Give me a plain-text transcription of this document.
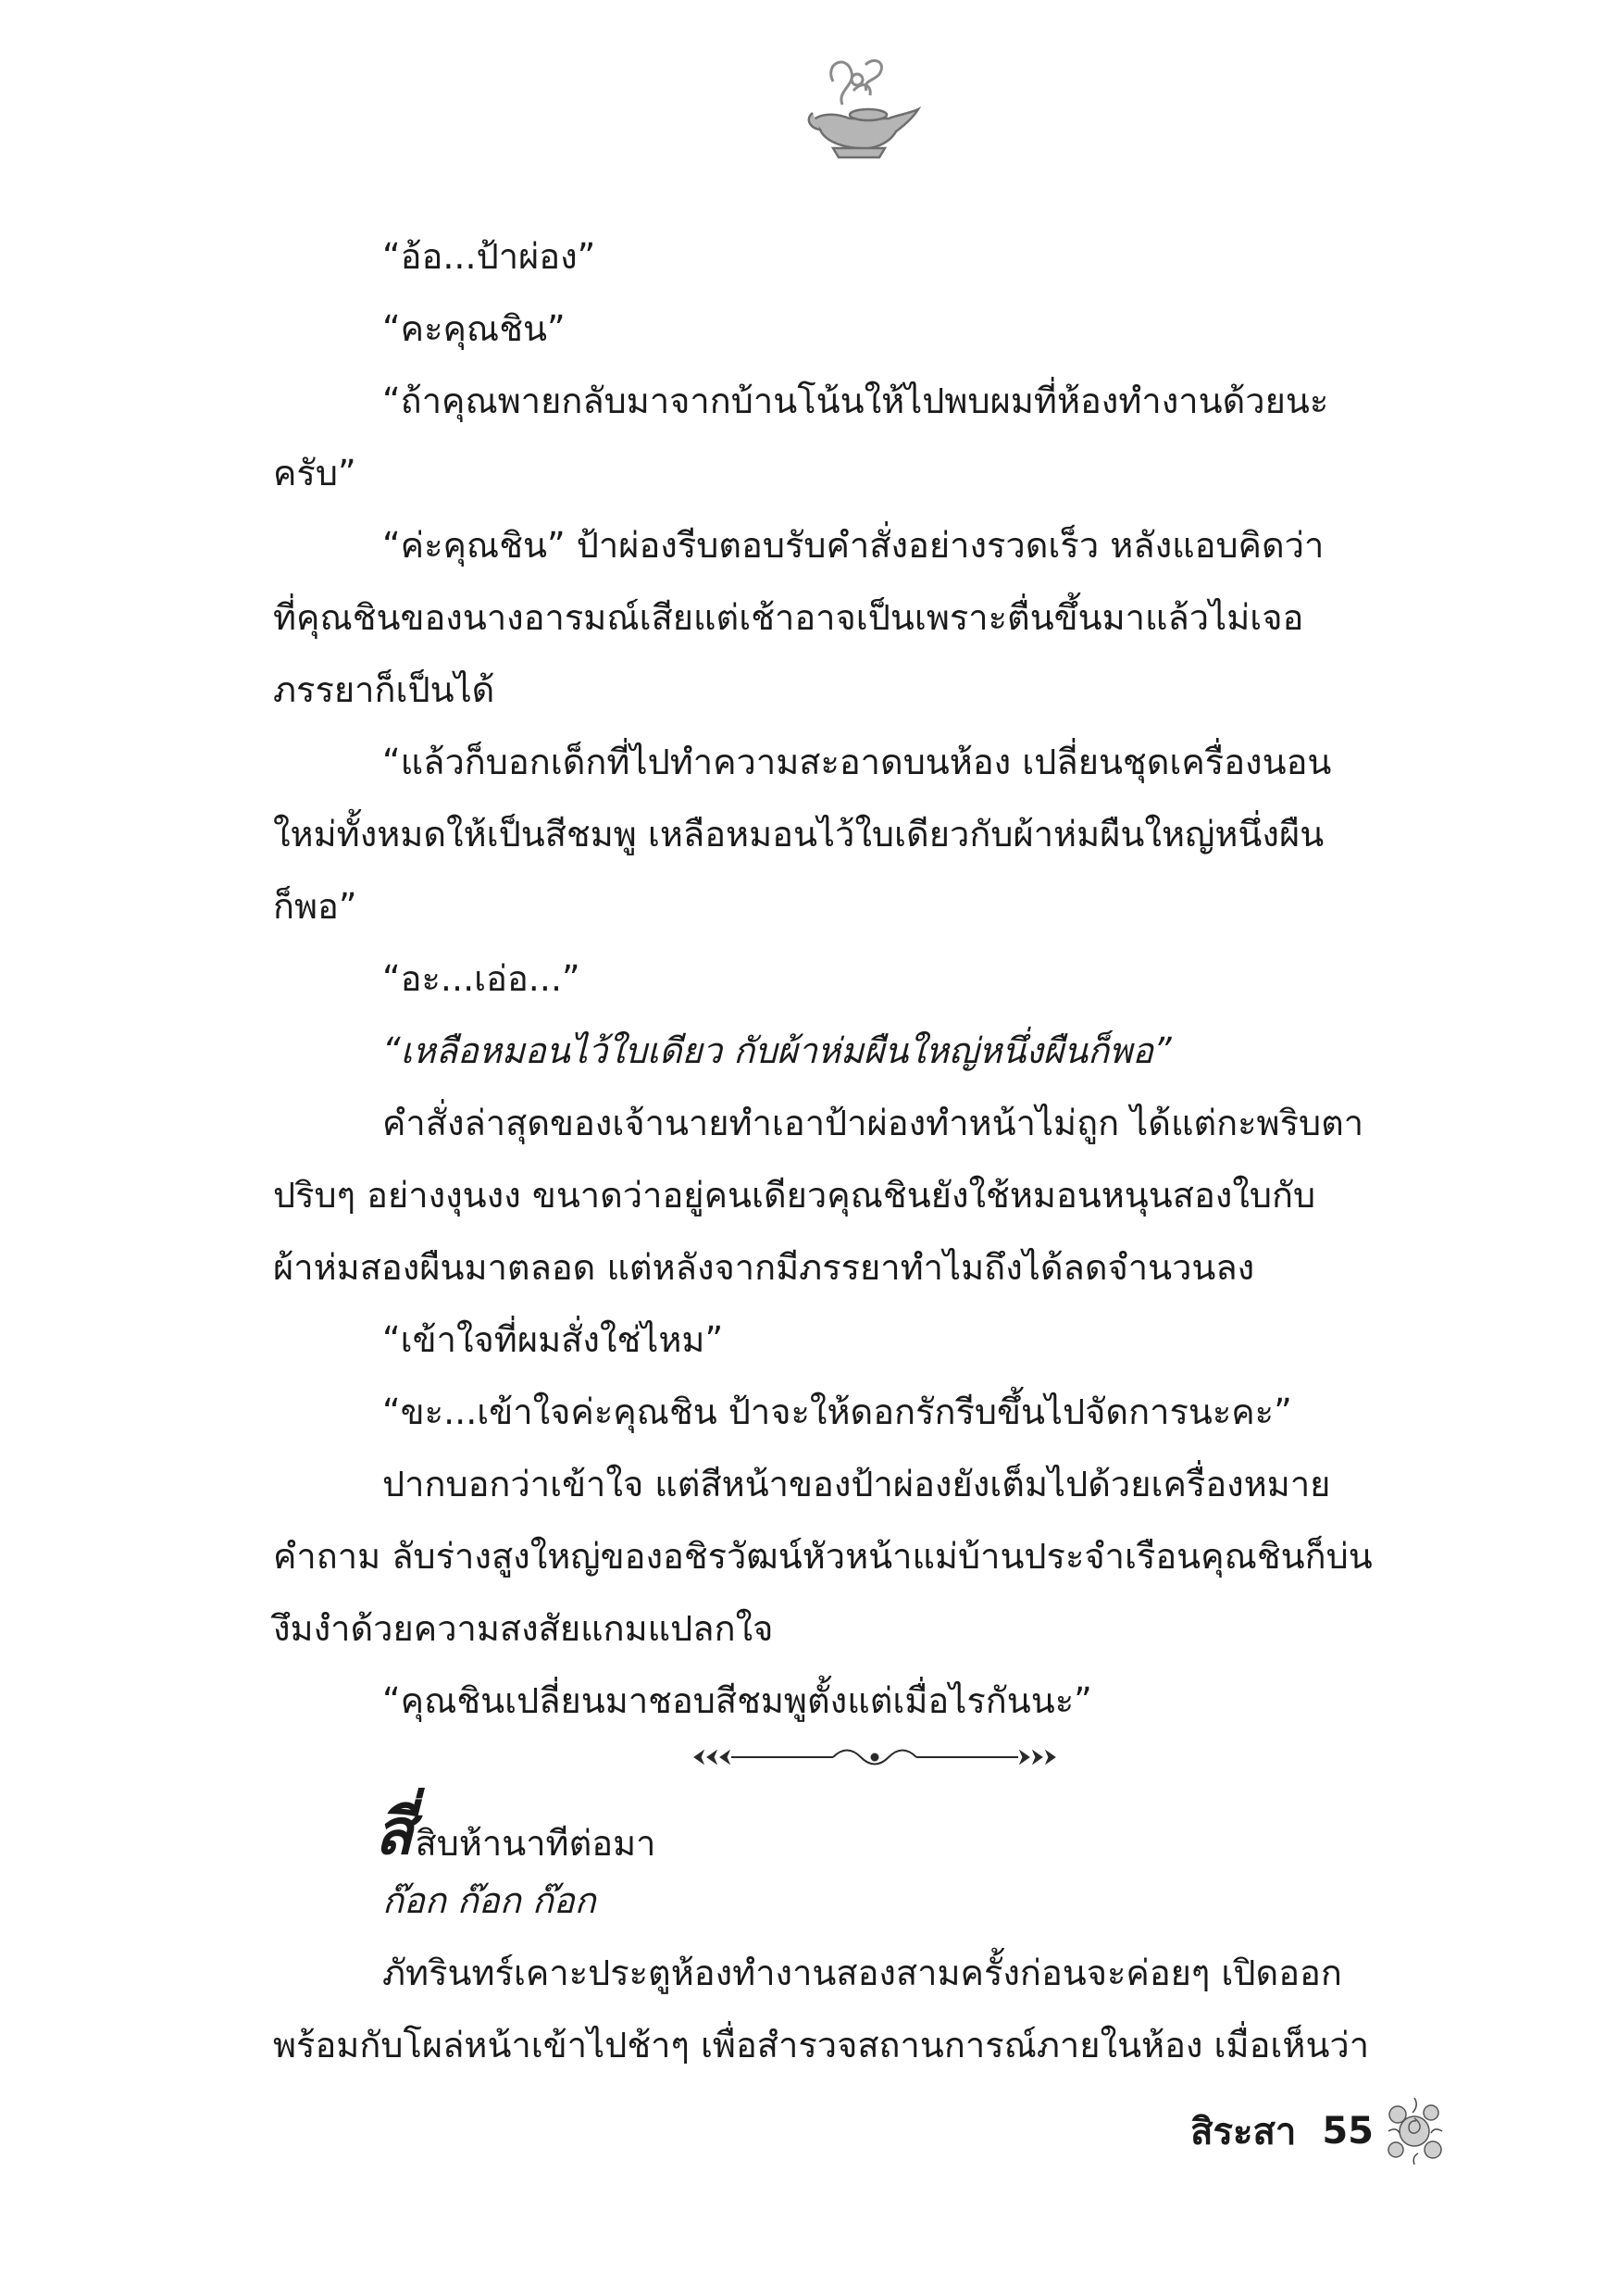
“อ้อ...ป้าผ่อง”
“คะคุณชิน”
“ถ้าคุณพายกลับมาจากบ้านโน้นให้ไปพบผมที่ห้องทำงานด้วยนะ
ครับ”
“ค่ะคุณชิน” ป้าผ่องรีบตอบรับคำสั่งอย่างรวดเร็ว หลังแอบคิดว่า
ที่คุณชินของนางอารมณ์เสียแต่เช้าอาจเป็นเพราะตื่นขึ้นมาแล้วไม่เจอ
ภรรยาก็เป็นได้
“แล้วก็บอกเด็กที่ไปทำความสะอาดบนห้อง เปลี่ยนชุดเครื่องนอน
ใหม่ทั้งหมดให้เป็นสีชมพู เหลือหมอนไว้ใบเดียวกับผ้าห่มผืนใหญ่หนึ่งผืน
ก็พอ”
“อะ...เอ่อ...”
“เหลือหมอนไว้ใบเดียว กับผ้าห่มผืนใหญ่หนึ่งผืนก็พอ”
คำสั่งล่าสุดของเจ้านายทำเอาป้าผ่องทำหน้าไม่ถูก ได้แต่กะพริบตา
ปริบๆ อย่างงุนงง ขนาดว่าอยู่คนเดียวคุณชินยังใช้หมอนหนุนสองใบกับ
ผ้าห่มสองผืนมาตลอด แต่หลังจากมีภรรยาทำไมถึงได้ลดจำนวนลง
“เข้าใจที่ผมสั่งใช่ไหม”
“ขะ...เข้าใจค่ะคุณชิน ป้าจะให้ดอกรักรีบขึ้นไปจัดการนะคะ”
ปากบอกว่าเข้าใจ แต่สีหน้าของป้าผ่องยังเต็มไปด้วยเครื่องหมาย
คำถาม ลับร่างสูงใหญ่ของอชิรวัฒน์หัวหน้าแม่บ้านประจำเรือนคุณชินก็บ่น
งึมงำด้วยความสงสัยแกมแปลกใจ
“คุณชินเปลี่ยนมาชอบสีชมพูตั้งแต่เมื่อไรกันนะ”
สี่ สิบห้านาทีต่อมา
ก๊อก ก๊อก ก๊อก
ภัทรินทร์เคาะประตูห้องทำงานสองสามครั้งก่อนจะค่อยๆ เปิดออก
พร้อมกับโผล่หน้าเข้าไปช้าๆ เพื่อสำรวจสถานการณ์ภายในห้อง เมื่อเห็นว่า
สิระสา 55
